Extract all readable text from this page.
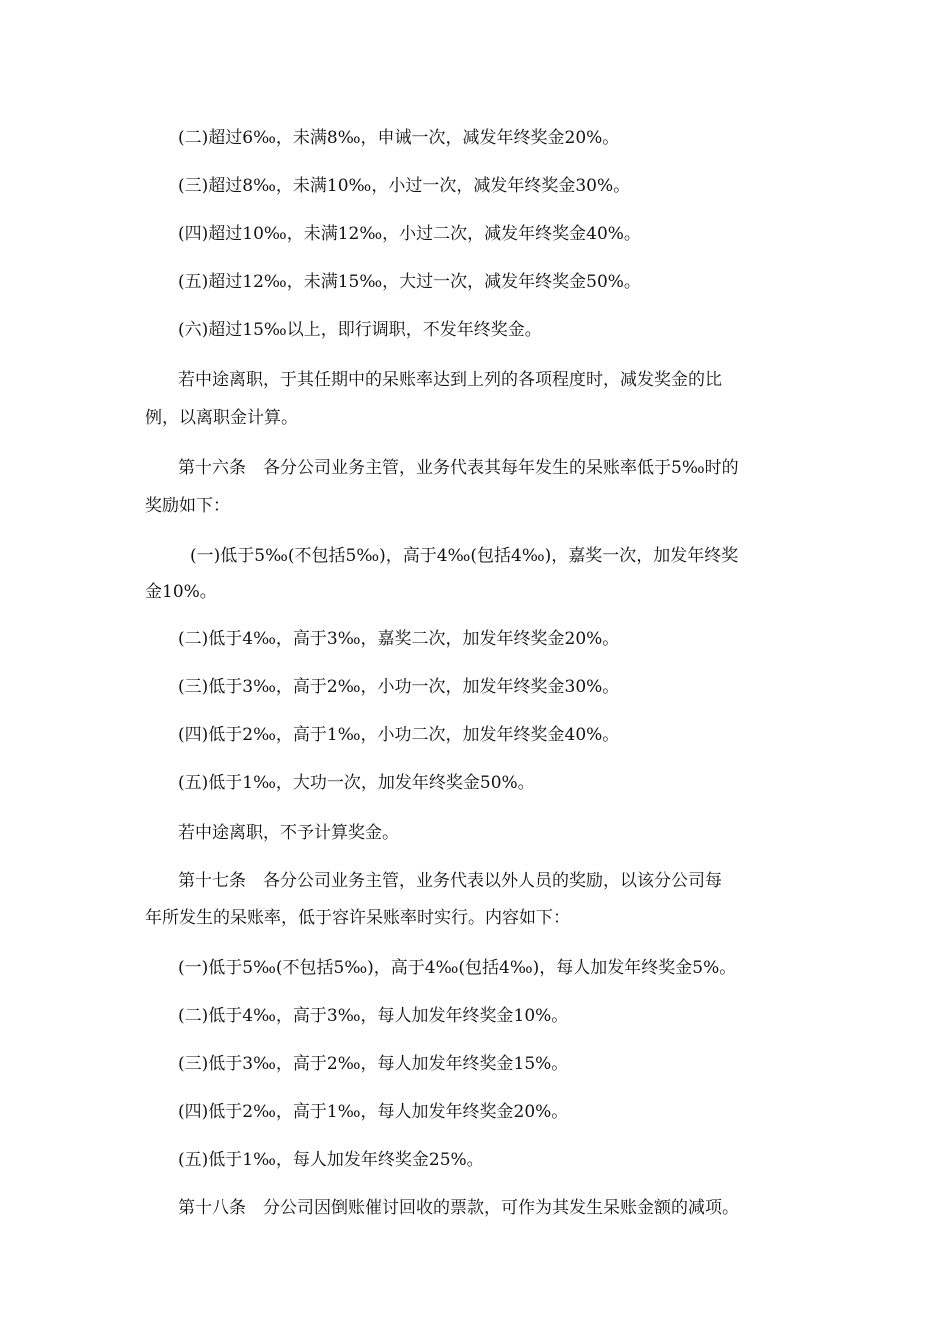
(二)超过6‰，未满8‰，申诫一次，减发年终奖金20%。
(三)超过8‰，未满10‰，小过一次，减发年终奖金30%。
(四)超过10‰，未满12‰，小过二次，减发年终奖金40%。
(五)超过12‰，未满15‰，大过一次，减发年终奖金50%。
(六)超过15‰以上，即行调职，不发年终奖金。
若中途离职，于其任期中的呆账率达到上列的各项程度时，减发奖金的比
例，以离职金计算。
第十六条　各分公司业务主管，业务代表其每年发生的呆账率低于5‰时的
奖励如下：
(一)低于5‰(不包括5‰)，高于4‰(包括4‰)，嘉奖一次，加发年终奖
金10%。
(二)低于4‰，高于3‰，嘉奖二次，加发年终奖金20%。
(三)低于3‰，高于2‰，小功一次，加发年终奖金30%。
(四)低于2‰，高于1‰，小功二次，加发年终奖金40%。
(五)低于1‰，大功一次，加发年终奖金50%。
若中途离职，不予计算奖金。
第十七条　各分公司业务主管，业务代表以外人员的奖励，以该分公司每
年所发生的呆账率，低于容许呆账率时实行。内容如下：
(一)低于5‰(不包括5‰)，高于4‰(包括4‰)，每人加发年终奖金5%。
(二)低于4‰，高于3‰，每人加发年终奖金10%。
(三)低于3‰，高于2‰，每人加发年终奖金15%。
(四)低于2‰，高于1‰，每人加发年终奖金20%。
(五)低于1‰，每人加发年终奖金25%。
第十八条　分公司因倒账催讨回收的票款，可作为其发生呆账金额的减项。
